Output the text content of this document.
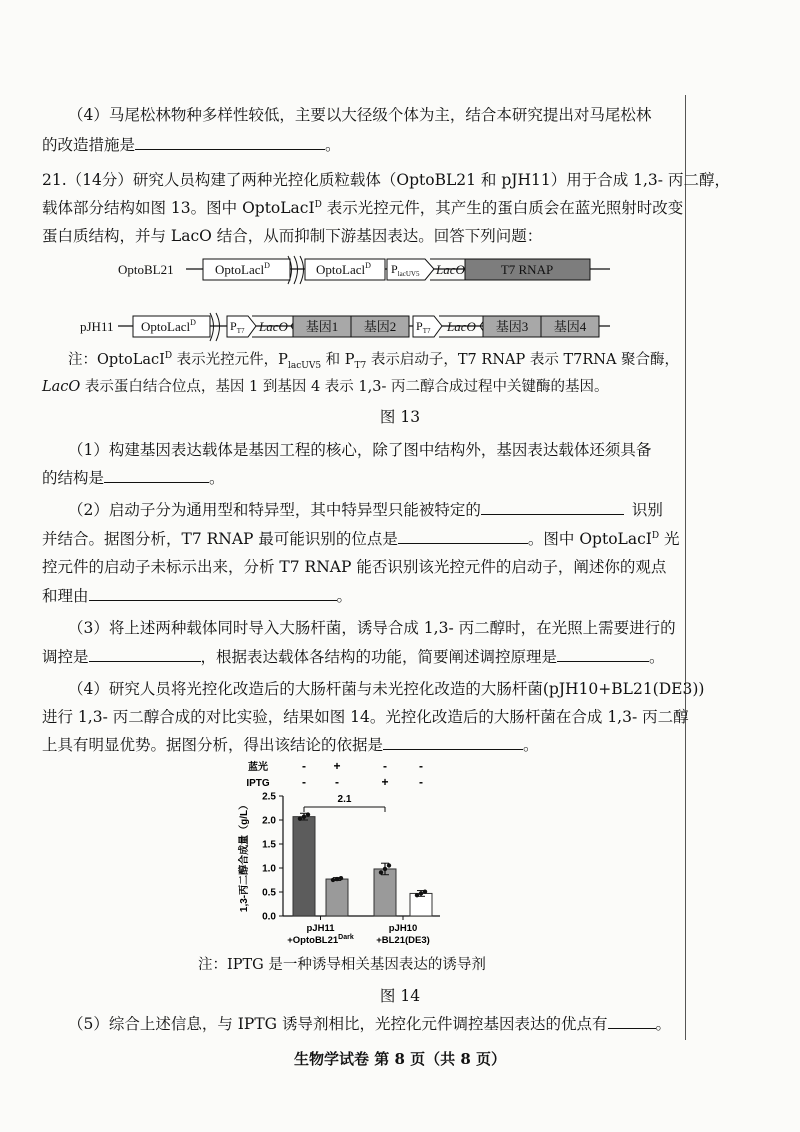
（4）马尾松林物种多样性较低，主要以大径级个体为主，结合本研究提出对马尾松林
的改造措施是	。
21.（14分）研究人员构建了两种光控化质粒载体（OptoBL21 和 pJH11）用于合成 1,3- 丙二醇，
载体部分结构如图 13。图中 OptoLacI$^D$ 表示光控元件，其产生的蛋白质会在蓝光照射时改变
蛋白质结构，并与 LacO 结合，从而抑制下游基因表达。回答下列问题：
OptoBL21	OptoLacl$^D$	OptoLacl$^D$ $P_{lacUV5}$ LacO	T7 RNAP
pJH11 OptoLacl$^D$	$P_{T7}$ LacO 基因1 基因2 $P_{T7}$ LacO 基因3 基因4
注：OptoLacI$^D$ 表示光控元件，$P_{lacUV5}$ 和 $P_{T7}$ 表示启动子，T7 RNAP 表示 T7RNA 聚合酶，
LacO 表示蛋白结合位点，基因 1 到基因 4 表示 1,3- 丙二醇合成过程中关键酶的基因。
图 13
（1）构建基因表达载体是基因工程的核心，除了图中结构外，基因表达载体还须具备
的结构是	。
（2）启动子分为通用型和特异型，其中特异型只能被特定的	识别
并结合。据图分析，T7 RNAP 最可能识别的位点是	。图中 OptoLacI$^D$ 光
控元件的启动子未标示出来，分析 T7 RNAP 能否识别该光控元件的启动子，阐述你的观点
和理由	。
（3）将上述两种载体同时导入大肠杆菌，诱导合成 1,3- 丙二醇时，在光照上需要进行的
调控是	，根据表达载体各结构的功能，简要阐述调控原理是	。
（4）研究人员将光控化改造后的大肠杆菌与未光控化改造的大肠杆菌(pJH10+BL21(DE3))
进行 1,3- 丙二醇合成的对比实验，结果如图 14。光控化改造后的大肠杆菌在合成 1,3- 丙二醇
上具有明显优势。据图分析，得出该结论的依据是	。
蓝光	- +	-	-
IPTG	- -	+	-
0.0
0.5
1.0
1.5
2.0
2.5
1,3-丙二醇合成量（g/L）
2.1
pJH11
$+OptoBL21^{Dark}$
pJH10
+BL21(DE3)
注：IPTG 是一种诱导相关基因表达的诱导剂
图 14
（5）综合上述信息，与 IPTG 诱导剂相比，光控化元件调控基因表达的优点有	。
生物学试卷 第 8 页（共 8 页）
